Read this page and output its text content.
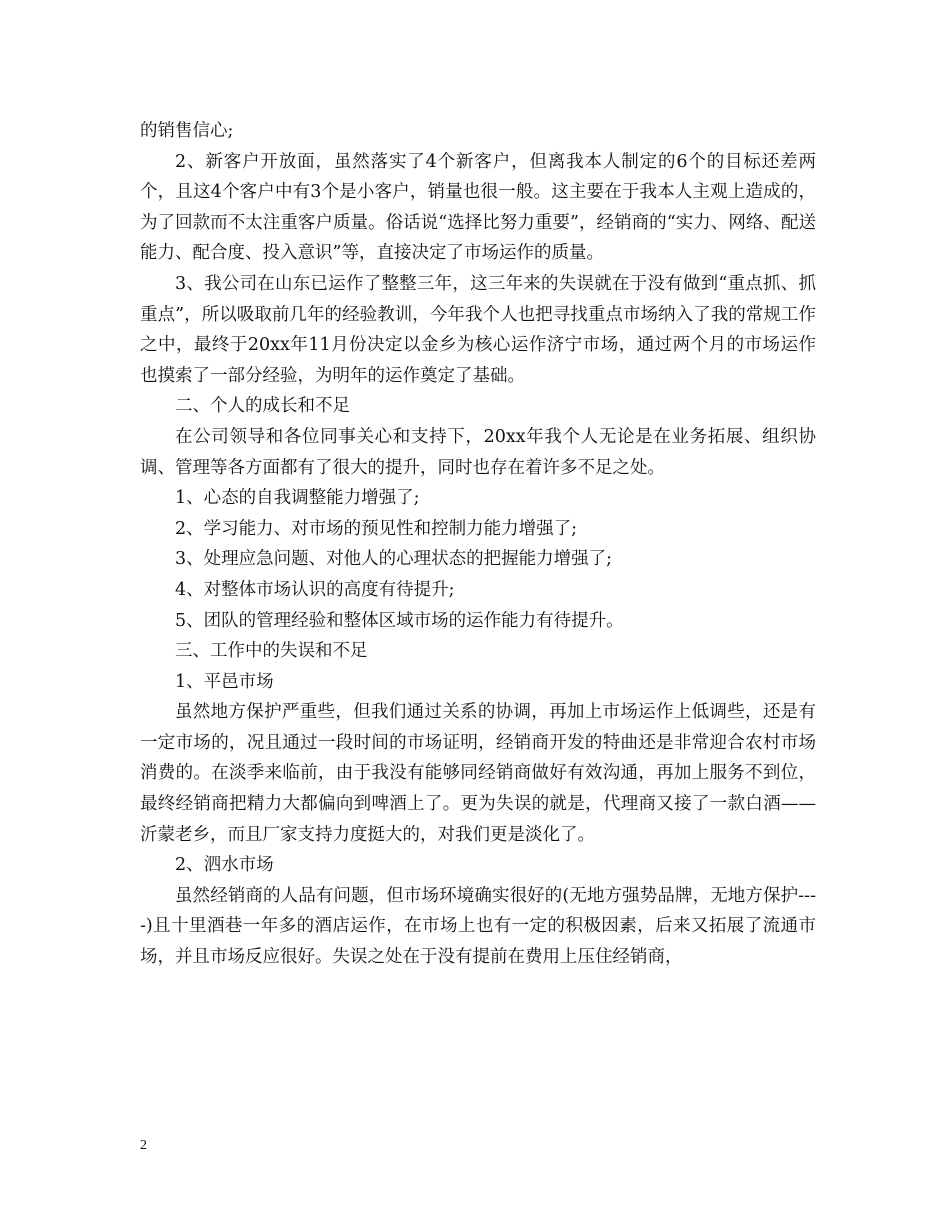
的销售信心;

2、新客户开放面，虽然落实了4个新客户，但离我本人制定的6个的目标还差两个，且这4个客户中有3个是小客户，销量也很一般。这主要在于我本人主观上造成的，为了回款而不太注重客户质量。俗话说“选择比努力重要”，经销商的“实力、网络、配送能力、配合度、投入意识”等，直接决定了市场运作的质量。

3、我公司在山东已运作了整整三年，这三年来的失误就在于没有做到“重点抓、抓重点”，所以吸取前几年的经验教训，今年我个人也把寻找重点市场纳入了我的常规工作之中，最终于20xx年11月份决定以金乡为核心运作济宁市场，通过两个月的市场运作也摸索了一部分经验，为明年的运作奠定了基础。

二、个人的成长和不足

在公司领导和各位同事关心和支持下，20xx年我个人无论是在业务拓展、组织协调、管理等各方面都有了很大的提升，同时也存在着许多不足之处。

1、心态的自我调整能力增强了;

2、学习能力、对市场的预见性和控制力能力增强了;

3、处理应急问题、对他人的心理状态的把握能力增强了;

4、对整体市场认识的高度有待提升;

5、团队的管理经验和整体区域市场的运作能力有待提升。

三、工作中的失误和不足

1、平邑市场

虽然地方保护严重些，但我们通过关系的协调，再加上市场运作上低调些，还是有一定市场的，况且通过一段时间的市场证明，经销商开发的特曲还是非常迎合农村市场消费的。在淡季来临前，由于我没有能够同经销商做好有效沟通，再加上服务不到位，最终经销商把精力大都偏向到啤酒上了。更为失误的就是，代理商又接了一款白酒——沂蒙老乡，而且厂家支持力度挺大的，对我们更是淡化了。

2、泗水市场

虽然经销商的人品有问题，但市场环境确实很好的(无地方强势品牌，无地方保护----)且十里酒巷一年多的酒店运作，在市场上也有一定的积极因素，后来又拓展了流通市场，并且市场反应很好。失误之处在于没有提前在费用上压住经销商，

2
